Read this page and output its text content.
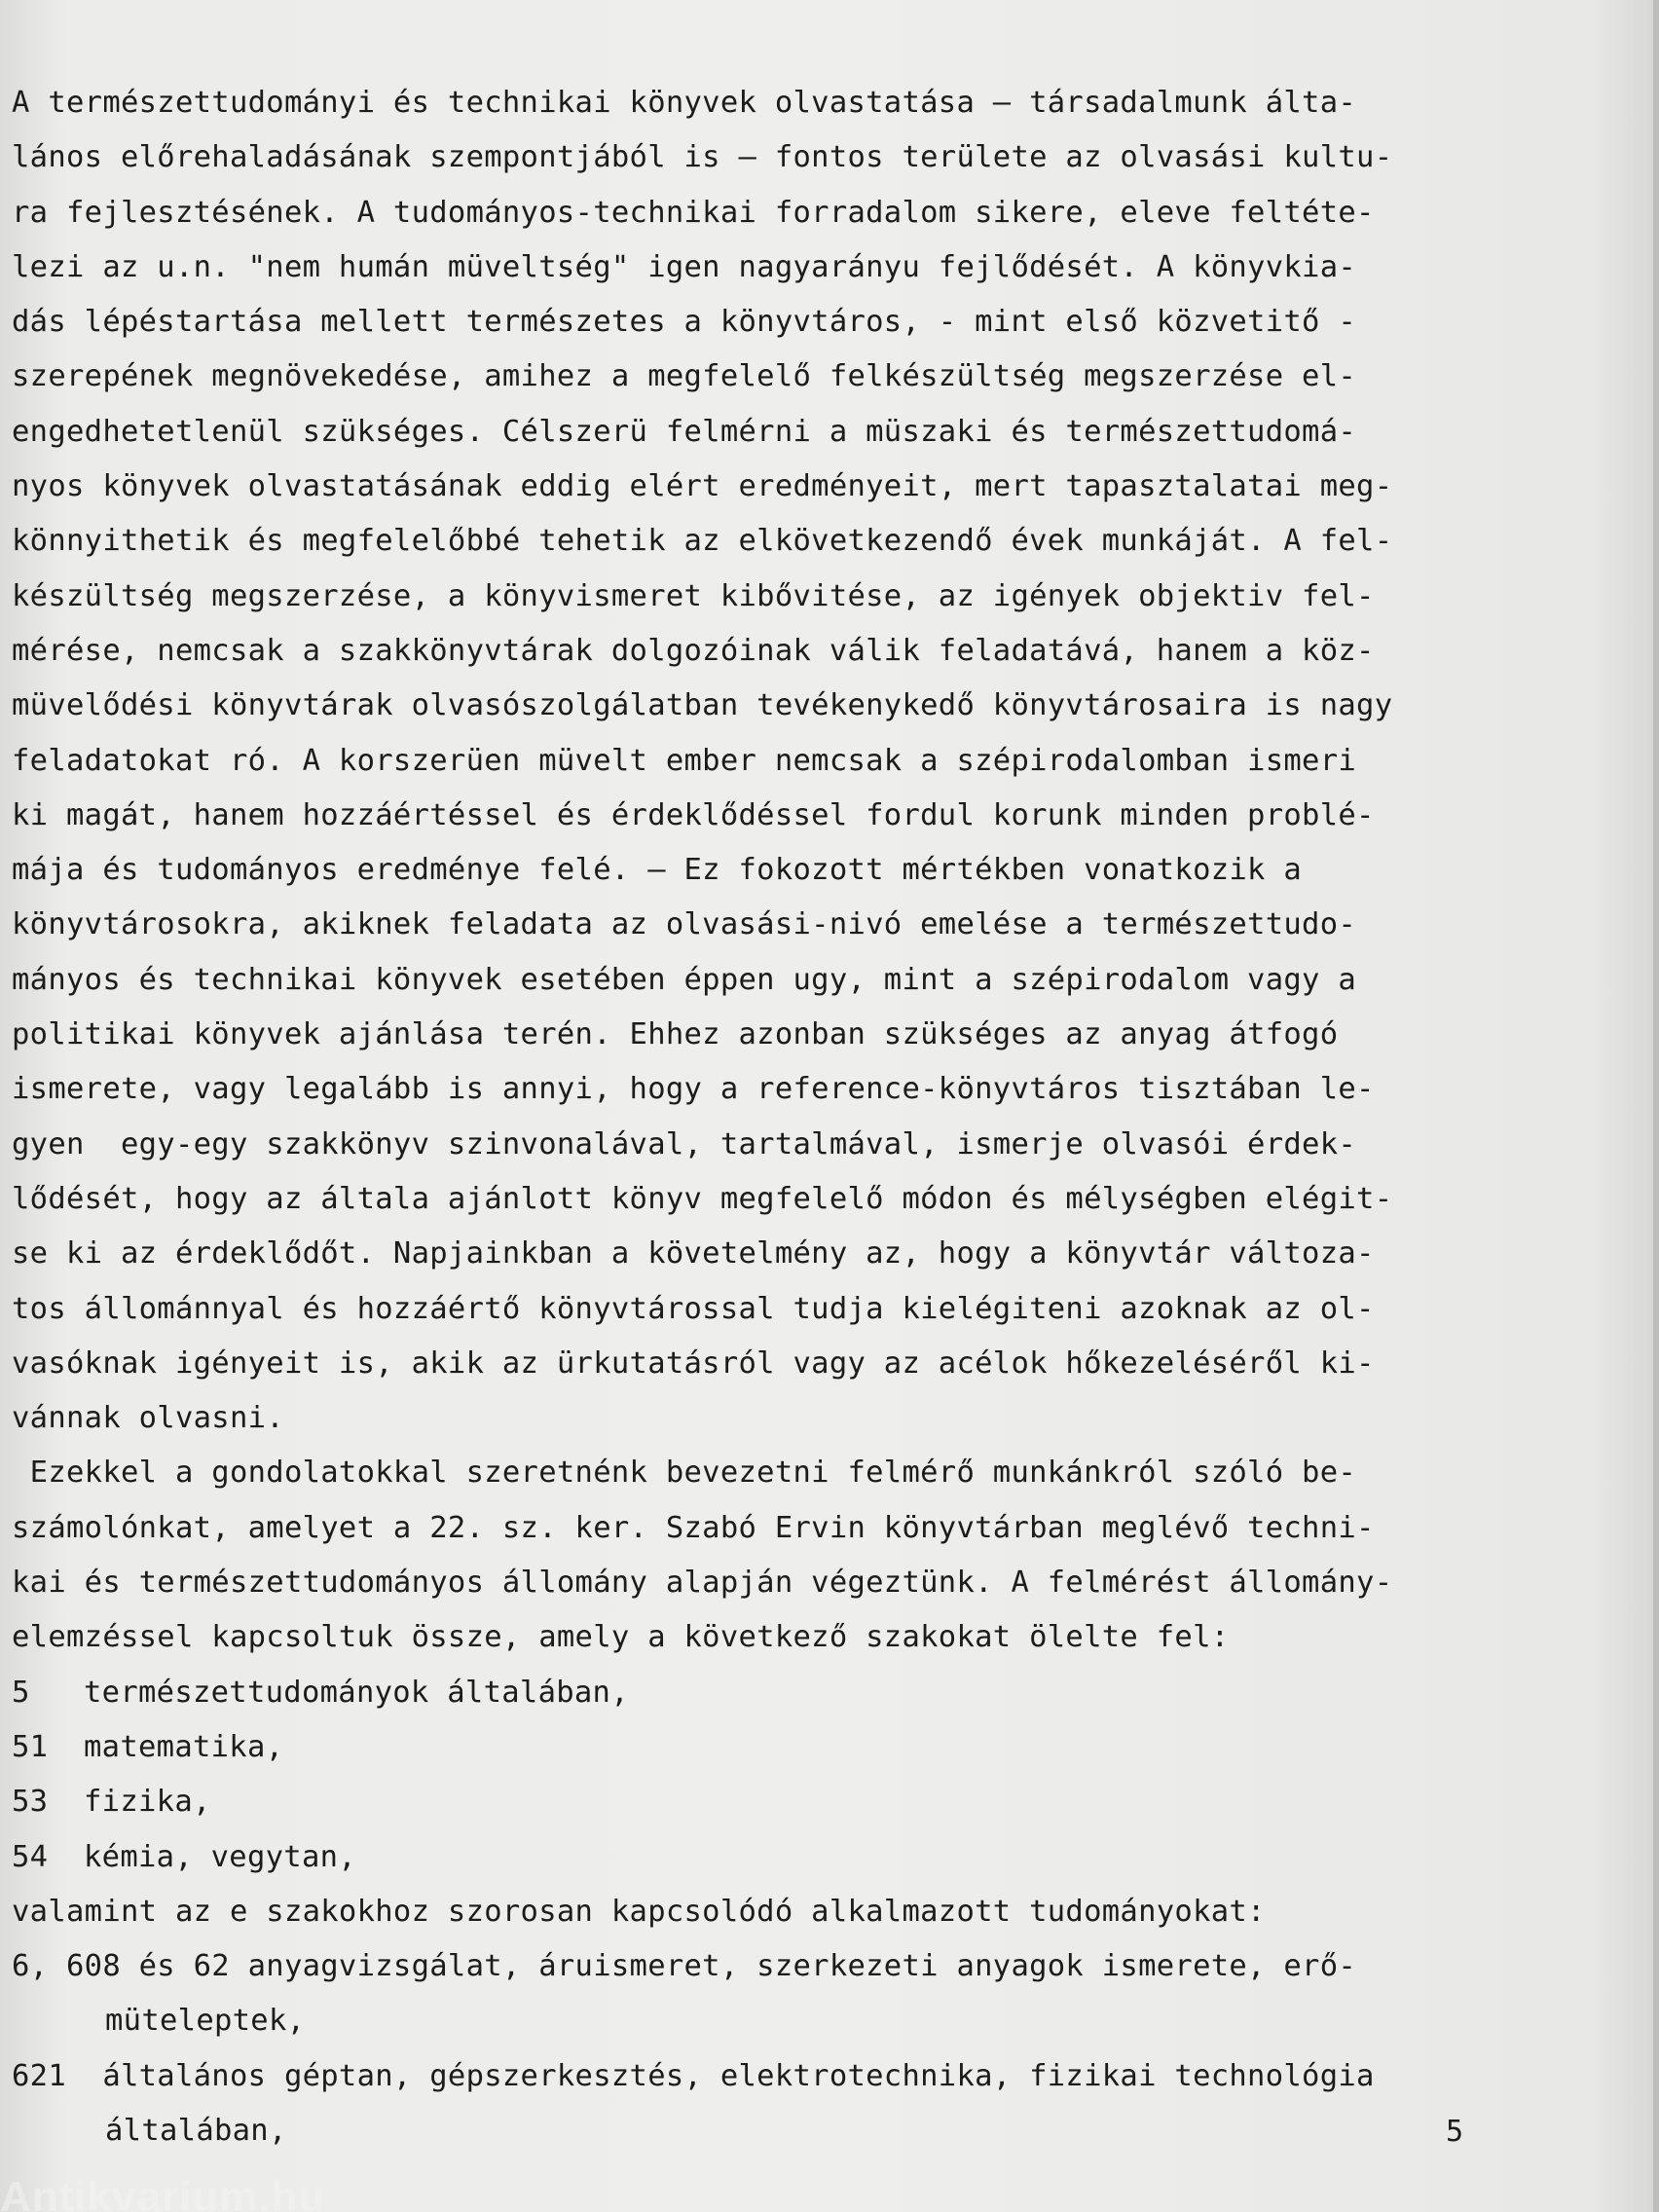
A természettudományi és technikai könyvek olvastatása – társadalmunk álta-
lános előrehaladásának szempontjából is – fontos területe az olvasási kultu-
ra fejlesztésének. A tudományos-technikai forradalom sikere, eleve feltéte-
lezi az u.n. "nem humán müveltség" igen nagyarányu fejlődését. A könyvkia-
dás lépéstartása mellett természetes a könyvtáros, - mint első közvetitő -
szerepének megnövekedése, amihez a megfelelő felkészültség megszerzése el-
engedhetetlenül szükséges. Célszerü felmérni a müszaki és természettudomá-
nyos könyvek olvastatásának eddig elért eredményeit, mert tapasztalatai meg-
könnyithetik és megfelelőbbé tehetik az elkövetkezendő évek munkáját. A fel-
készültség megszerzése, a könyvismeret kibővitése, az igények objektiv fel-
mérése, nemcsak a szakkönyvtárak dolgozóinak válik feladatává, hanem a köz-
müvelődési könyvtárak olvasószolgálatban tevékenykedő könyvtárosaira is nagy
feladatokat ró. A korszerüen müvelt ember nemcsak a szépirodalomban ismeri
ki magát, hanem hozzáértéssel és érdeklődéssel fordul korunk minden problé-
mája és tudományos eredménye felé. – Ez fokozott mértékben vonatkozik a
könyvtárosokra, akiknek feladata az olvasási-nivó emelése a természettudo-
mányos és technikai könyvek esetében éppen ugy, mint a szépirodalom vagy a
politikai könyvek ajánlása terén. Ehhez azonban szükséges az anyag átfogó
ismerete, vagy legalább is annyi, hogy a reference-könyvtáros tisztában le-
gyen  egy-egy szakkönyv szinvonalával, tartalmával, ismerje olvasói érdek-
lődését, hogy az általa ajánlott könyv megfelelő módon és mélységben elégit-
se ki az érdeklődőt. Napjainkban a követelmény az, hogy a könyvtár változa-
tos állománnyal és hozzáértő könyvtárossal tudja kielégiteni azoknak az ol-
vasóknak igényeit is, akik az ürkutatásról vagy az acélok hőkezeléséről ki-
vánnak olvasni.
Ezekkel a gondolatokkal szeretnénk bevezetni felmérő munkánkról szóló be-
számolónkat, amelyet a 22. sz. ker. Szabó Ervin könyvtárban meglévő techni-
kai és természettudományos állomány alapján végeztünk. A felmérést állomány-
elemzéssel kapcsoltuk össze, amely a következő szakokat ölelte fel:
5 természettudományok általában,
51 matematika,
53 fizika,
54 kémia, vegytan,
valamint az e szakokhoz szorosan kapcsolódó alkalmazott tudományokat:
6, 608 és 62 anyagvizsgálat, áruismeret, szerkezeti anyagok ismerete, erő-
müteleptek,
621  általános géptan, gépszerkesztés, elektrotechnika, fizikai technológia
általában,	5
Antikvarium.hu
